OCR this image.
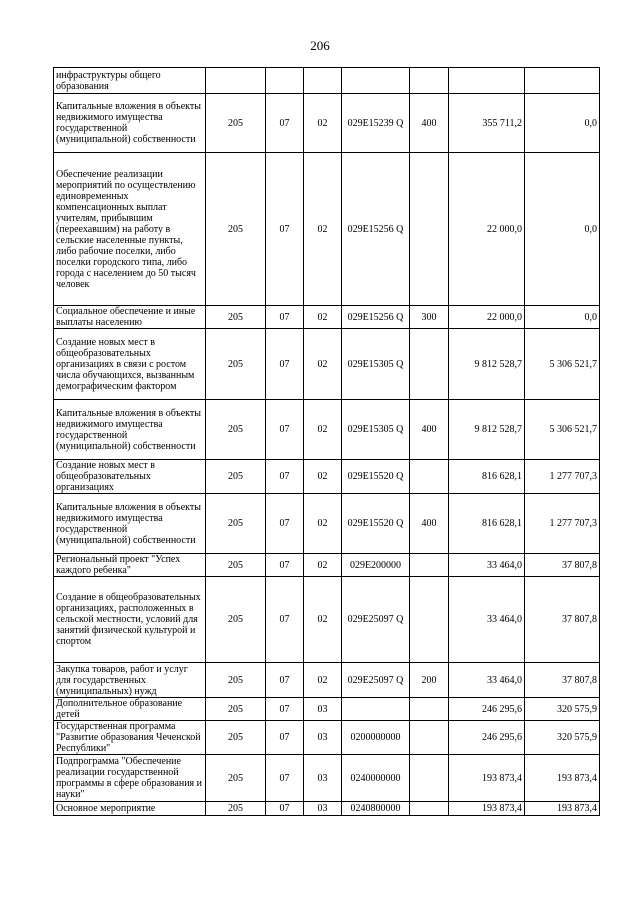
206
инфраструктуры общего образования							
Капитальные вложения в объекты недвижимого имущества государственной (муниципальной) собственности	205	07	02	029E15239 Q	400	355 711,2	0,0
Обеспечение реализации мероприятий по осуществлению единовременных компенсационных выплат учителям, прибывшим (переехавшим) на работу в сельские населенные пункты, либо рабочие поселки, либо поселки городского типа, либо города с населением до 50 тысяч человек	205	07	02	029E15256 Q		22 000,0	0,0
Социальное обеспечение и иные выплаты населению	205	07	02	029E15256 Q	300	22 000,0	0,0
Создание новых мест в общеобразовательных организациях в связи с ростом числа обучающихся, вызванным демографическим фактором	205	07	02	029E15305 Q		9 812 528,7	5 306 521,7
Капитальные вложения в объекты недвижимого имущества государственной (муниципальной) собственности	205	07	02	029E15305 Q	400	9 812 528,7	5 306 521,7
Создание новых мест в общеобразовательных организациях	205	07	02	029E15520 Q		816 628,1	1 277 707,3
Капитальные вложения в объекты недвижимого имущества государственной (муниципальной) собственности	205	07	02	029E15520 Q	400	816 628,1	1 277 707,3
Региональный проект "Успех каждого ребенка"	205	07	02	029E200000		33 464,0	37 807,8
Создание в общеобразовательных организациях, расположенных в сельской местности, условий для занятий физической культурой и спортом	205	07	02	029E25097 Q		33 464,0	37 807,8
Закупка товаров, работ и услуг для государственных (муниципальных) нужд	205	07	02	029E25097 Q	200	33 464,0	37 807,8
Дополнительное образование детей	205	07	03			246 295,6	320 575,9
Государственная программа "Развитие образования Чеченской Республики"	205	07	03	0200000000		246 295,6	320 575,9
Подпрограмма "Обеспечение реализации государственной программы в сфере образования и науки"	205	07	03	0240000000		193 873,4	193 873,4
Основное мероприятие	205	07	03	0240800000		193 873,4	193 873,4
